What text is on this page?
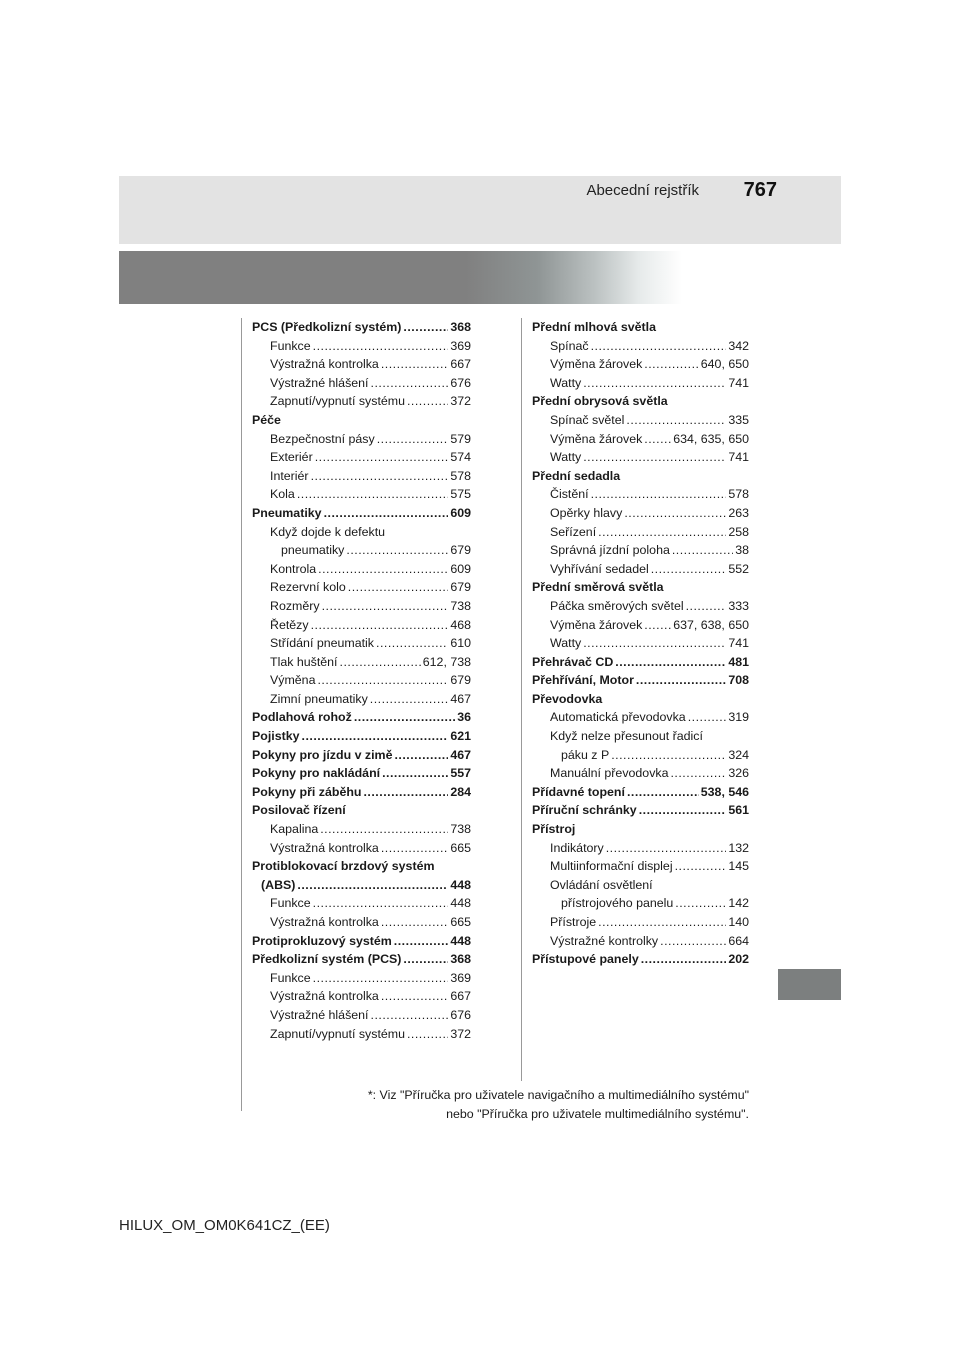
Abecední rejstřík 767
PCS (Předkolizní systém) .....	368
Funkce .....	369
Výstražná kontrolka .....	667
Výstražné hlášení .....	676
Zapnutí/vypnutí systému .....	372
Péče
Bezpečnostní pásy .....	579
Exteriér .....	574
Interiér .....	578
Kola .....	575
Pneumatiky .....	609
Když dojde k defektu
pneumatiky .....	679
Kontrola .....	609
Rezervní kolo .....	679
Rozměry .....	738
Řetězy .....	468
Střídání pneumatik .....	610
Tlak huštění .....	612, 738
Výměna .....	679
Zimní pneumatiky .....	467
Podlahová rohož .....	36
Pojistky .....	621
Pokyny pro jízdu v zimě .....	467
Pokyny pro nakládání .....	557
Pokyny při záběhu .....	284
Posilovač řízení
Kapalina .....	738
Výstražná kontrolka .....	665
Protiblokovací brzdový systém
(ABS) .....	448
Funkce .....	448
Výstražná kontrolka .....	665
Protiprokluzový systém .....	448
Předkolizní systém (PCS) .....	368
Funkce .....	369
Výstražná kontrolka .....	667
Výstražné hlášení .....	676
Zapnutí/vypnutí systému .....	372
Přední mlhová světla
Spínač .....	342
Výměna žárovek .....	640, 650
Watty .....	741
Přední obrysová světla
Spínač světel .....	335
Výměna žárovek ..... 634, 635, 650
Watty .....	741
Přední sedadla
Čistění .....	578
Opěrky hlavy .....	263
Seřízení .....	258
Správná jízdní poloha .....	38
Vyhřívání sedadel .....	552
Přední směrová světla
Páčka směrových světel .....	333
Výměna žárovek ..... 637, 638, 650
Watty .....	741
Přehrávač CD .....	481
Přehřívání, Motor .....	708
Převodovka
Automatická převodovka .....	319
Když nelze přesunout řadicí
páku z P .....	324
Manuální převodovka .....	326
Přídavné topení .....	538, 546
Příruční schránky .....	561
Přístroj
Indikátory .....	132
Multiinformační displej .....	145
Ovládání osvětlení
přístrojového panelu .....	142
Přístroje .....	140
Výstražné kontrolky .....	664
Přístupové panely .....	202
*: Viz "Příručka pro uživatele navigačního a multimediálního systému"
nebo "Příručka pro uživatele multimediálního systému".
HILUX_OM_OM0K641CZ_(EE)
